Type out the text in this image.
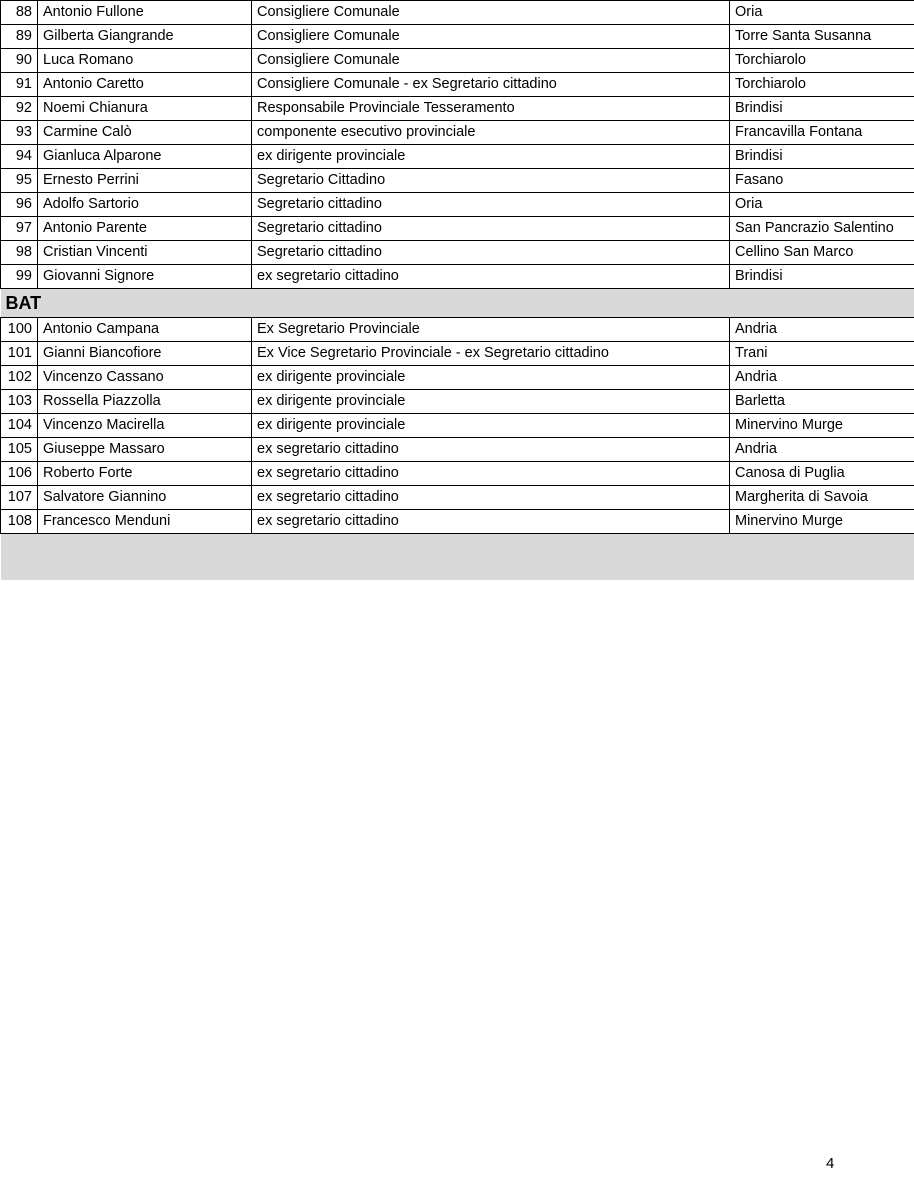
88	Antonio Fullone	Consigliere Comunale	Oria
89	Gilberta Giangrande	Consigliere Comunale	Torre Santa Susanna
90	Luca Romano	Consigliere Comunale	Torchiarolo
91	Antonio Caretto	Consigliere Comunale - ex Segretario cittadino	Torchiarolo
92	Noemi Chianura	Responsabile Provinciale Tesseramento	Brindisi
93	Carmine Calò	componente esecutivo provinciale	Francavilla Fontana
94	Gianluca Alparone	ex dirigente provinciale	Brindisi
95	Ernesto Perrini	Segretario Cittadino	Fasano
96	Adolfo Sartorio	Segretario cittadino	Oria
97	Antonio Parente	Segretario cittadino	San Pancrazio Salentino
98	Cristian Vincenti	Segretario cittadino	Cellino San Marco
99	Giovanni Signore	ex segretario cittadino	Brindisi
BAT			
100	Antonio Campana	Ex Segretario Provinciale	Andria
101	Gianni Biancofiore	Ex Vice Segretario Provinciale - ex Segretario cittadino	Trani
102	Vincenzo Cassano	ex dirigente provinciale	Andria
103	Rossella Piazzolla	ex dirigente provinciale	Barletta
104	Vincenzo Macirella	ex dirigente provinciale	Minervino Murge
105	Giuseppe Massaro	ex segretario cittadino	Andria
106	Roberto Forte	ex segretario cittadino	Canosa di Puglia
107	Salvatore Giannino	ex segretario cittadino	Margherita di Savoia
108	Francesco Menduni	ex segretario cittadino	Minervino Murge

4
